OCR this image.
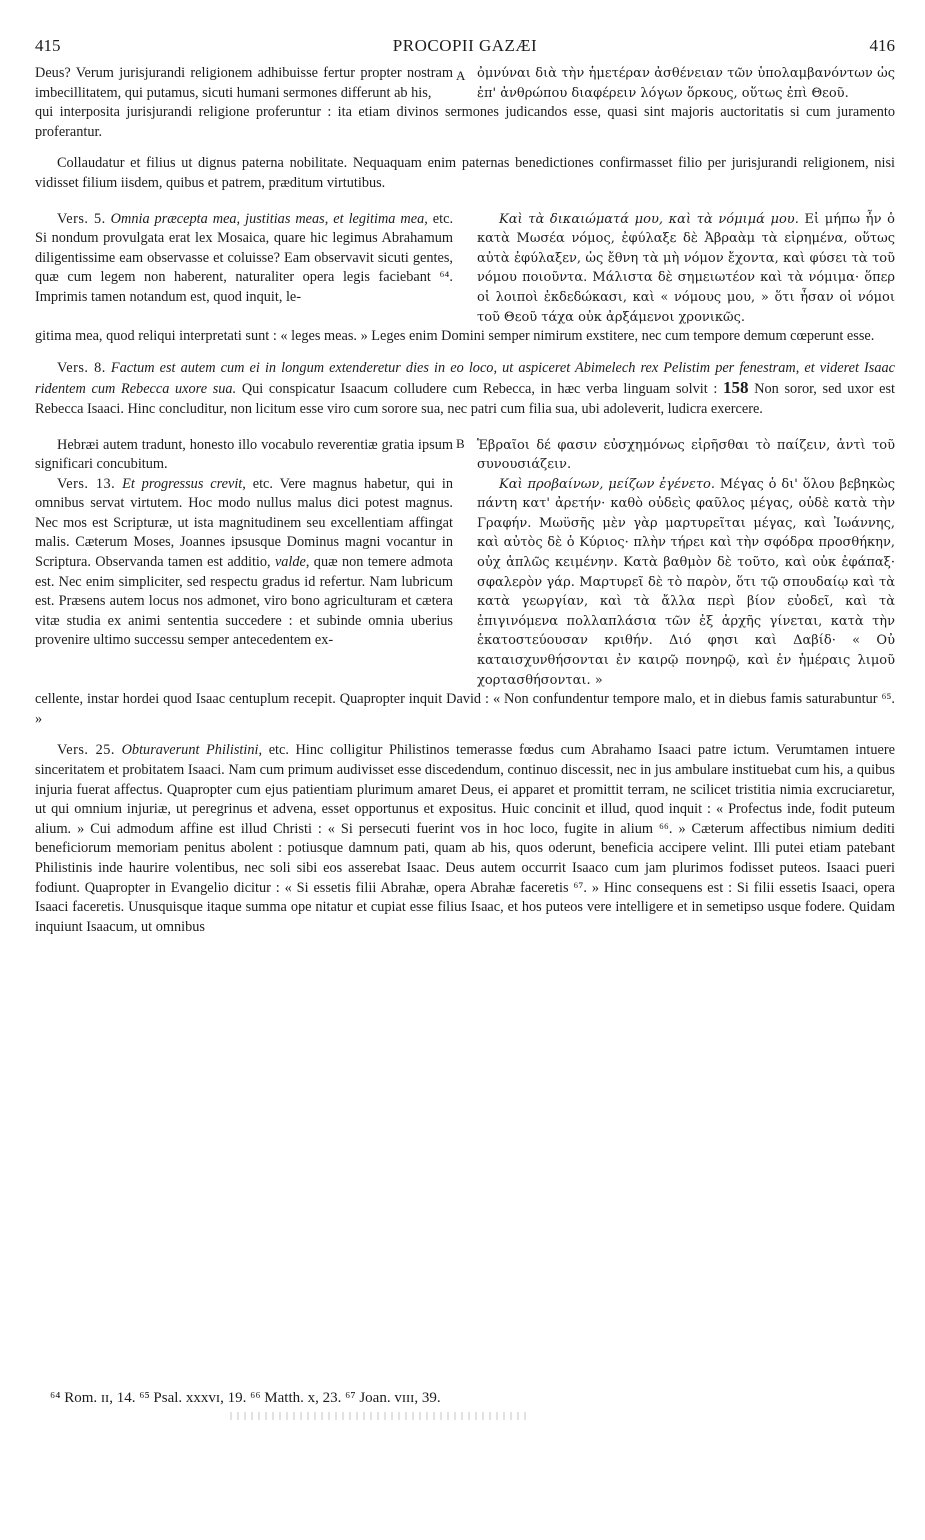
415	PROCOPII GAZÆI	416
A
Deus? Verum jurisjurandi religionem adhibuisse fertur propter nostram imbecillitatem, qui putamus, sicuti humani sermones differunt ab his,
ὀμνύναι διὰ τὴν ἡμετέραν ἀσθένειαν τῶν ὑπολαμβανόντων ὡς ἐπ' ἀνθρώπου διαφέρειν λόγων ὅρκους, οὕτως ἐπὶ Θεοῦ.
qui interposita jurisjurandi religione proferuntur : ita etiam divinos sermones judicandos esse, quasi sint majoris auctoritatis si cum juramento proferantur.
Collaudatur et filius ut dignus paterna nobilitate. Nequaquam enim paternas benedictiones confirmasset filio per jurisjurandi religionem, nisi vidisset filium iisdem, quibus et patrem, præditum virtutibus.
Vers. 5. Omnia præcepta mea, justitias meas, et legitima mea, etc. Si nondum provulgata erat lex Mosaica, quare hic legimus Abrahamum diligentissime eam observasse et coluisse? Eam observavit sicuti gentes, quæ cum legem non haberent, naturaliter opera legis faciebant ⁶⁴. Imprimis tamen notandum est, quod inquit, le-
Καὶ τὰ δικαιώματά μου, καὶ τὰ νόμιμά μου. Εἰ μήπω ἦν ὁ κατὰ Μωσέα νόμος, ἐφύλαξε δὲ Ἀβραὰμ τὰ εἰρημένα, οὕτως αὐτὰ ἐφύλαξεν, ὡς ἔθνη τὰ μὴ νόμον ἔχοντα, καὶ φύσει τὰ τοῦ νόμου ποιοῦντα. Μάλιστα δὲ σημειωτέον καὶ τὰ νόμιμα· ὅπερ οἱ λοιποὶ ἐκδεδώκασι, καὶ « νόμους μου, » ὅτι ἦσαν οἱ νόμοι τοῦ Θεοῦ τάχα οὐκ ἀρξάμενοι χρονικῶς.
gitima mea, quod reliqui interpretati sunt : « leges meas. » Leges enim Domini semper nimirum exstitere, nec cum tempore demum cœperunt esse.
Vers. 8. Factum est autem cum ei in longum extenderetur dies in eo loco, ut aspiceret Abimelech rex Pelistim per fenestram, et videret Isaac ridentem cum Rebecca uxore sua. Qui conspicatur Isaacum colludere cum Rebecca, in hæc verba linguam solvit : 158 Non soror, sed uxor est Rebecca Isaaci. Hinc concluditur, non licitum esse viro cum sorore sua, nec patri cum filia sua, ubi adoleverit, ludicra exercere.
B
Hebræi autem tradunt, honesto illo vocabulo reverentiæ gratia ipsum significari concubitum.
Ἑβραῖοι δέ φασιν εὐσχημόνως εἰρῆσθαι τὸ παίζειν, ἀντὶ τοῦ συνουσιάζειν.
Vers. 13. Et progressus crevit, etc. Vere magnus habetur, qui in omnibus servat virtutem. Hoc modo nullus malus dici potest magnus. Nec mos est Scripturæ, ut ista magnitudinem seu excellentiam affingat malis. Cæterum Moses, Joannes ipsusque Dominus magni vocantur in Scriptura. Observanda tamen est additio, valde, quæ non temere admota est. Nec enim simpliciter, sed respectu gradus id refertur. Nam lubricum est. Præsens autem locus nos admonet, viro bono agriculturam et cætera vitæ studia ex animi sententia succedere : et subinde omnia uberius provenire ultimo successu semper antecedentem ex-
Καὶ προβαίνων, μείζων ἐγένετο. Μέγας ὁ δι' ὅλου βεβηκὼς πάντη κατ' ἀρετήν· καθὸ οὐδεὶς φαῦλος μέγας, οὐδὲ κατὰ τὴν Γραφήν. Μωϋσῆς μὲν γὰρ μαρτυρεῖται μέγας, καὶ Ἰωάννης, καὶ αὐτὸς δὲ ὁ Κύριος· πλὴν τήρει καὶ τὴν σφόδρα προσθήκην, οὐχ ἁπλῶς κειμένην. Κατὰ βαθμὸν δὲ τοῦτο, καὶ οὐκ ἐφάπαξ· σφαλερὸν γάρ. Μαρτυρεῖ δὲ τὸ παρὸν, ὅτι τῷ σπουδαίῳ καὶ τὰ κατὰ γεωργίαν, καὶ τὰ ἄλλα περὶ βίον εὐοδεῖ, καὶ τὰ ἐπιγινόμενα πολλαπλάσια τῶν ἐξ ἀρχῆς γίνεται, κατὰ τὴν ἑκατοστεύουσαν κριθήν. Διό φησι καὶ Δαβίδ· « Οὐ καταισχυνθήσονται ἐν καιρῷ πονηρῷ, καὶ ἐν ἡμέραις λιμοῦ χορτασθήσονται. »
cellente, instar hordei quod Isaac centuplum recepit. Quapropter inquit David : « Non confundentur tempore malo, et in diebus famis saturabuntur ⁶⁵. »
Vers. 25. Obturaverunt Philistini, etc. Hinc colligitur Philistinos temerasse fœdus cum Abrahamo Isaaci patre ictum. Verumtamen intuere sinceritatem et probitatem Isaaci. Nam cum primum audivisset esse discedendum, continuo discessit, nec in jus ambulare instituebat cum his, a quibus injuria fuerat affectus. Quapropter cum ejus patientiam plurimum amaret Deus, ei apparet et promittit terram, ne scilicet tristitia nimia excruciaretur, ut qui omnium injuriæ, ut peregrinus et advena, esset opportunus et expositus. Huic concinit et illud, quod inquit : « Profectus inde, fodit puteum alium. » Cui admodum affine est illud Christi : « Si persecuti fuerint vos in hoc loco, fugite in alium ⁶⁶. » Cæterum affectibus nimium dediti beneficiorum memoriam penitus abolent : potiusque damnum pati, quam ab his, quos oderunt, beneficia accipere velint. Illi putei etiam patebant Philistinis inde haurire volentibus, nec soli sibi eos asserebat Isaac. Deus autem occurrit Isaaco cum jam plurimos fodisset puteos. Isaaci pueri fodiunt. Quapropter in Evangelio dicitur : « Si essetis filii Abrahæ, opera Abrahæ faceretis ⁶⁷. » Hinc consequens est : Si filii essetis Isaaci, opera Isaaci faceretis. Unusquisque itaque summa ope nitatur et cupiat esse filius Isaac, et hos puteos vere intelligere et in semetipso usque fodere. Quidam inquiunt Isaacum, ut omnibus
⁶⁴ Rom. ɪɪ, 14. ⁶⁵ Psal. xxxvɪ, 19. ⁶⁶ Matth. x, 23. ⁶⁷ Joan. vɪɪɪ, 39.
